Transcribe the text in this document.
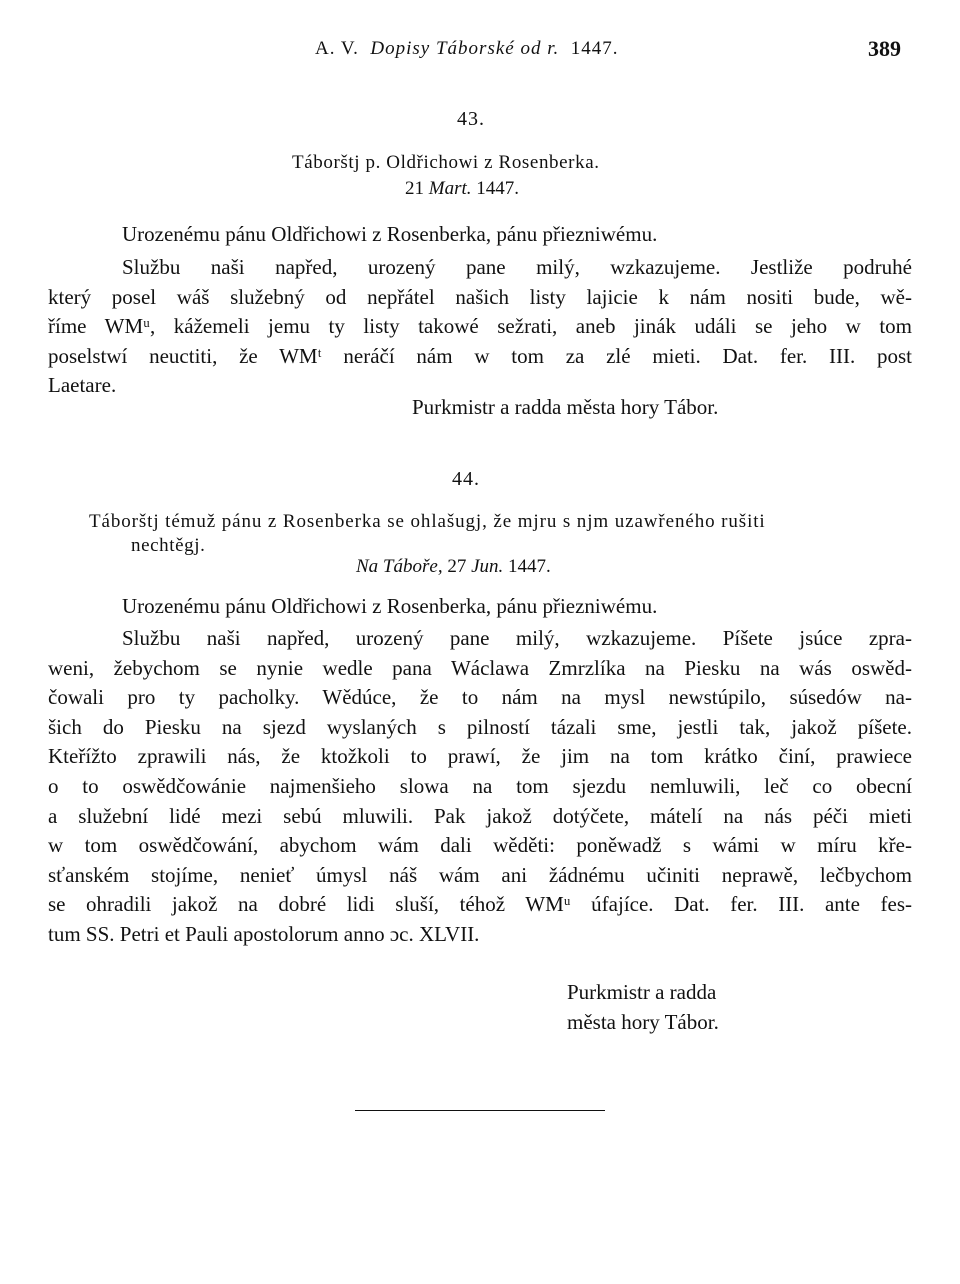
A. V. Dopisy Táborské od r. 1447.	389
43.
Táborštj p. Oldřichowi z Rosenberka.
21 Mart. 1447.
Urozenému pánu Oldřichowi z Rosenberka, pánu přiezniwému.
Službu naši napřed, urozený pane milý, wzkazujeme. Jestliže podruhé
který posel wáš služebný od nepřátel našich listy lajicie k nám nositi bude, wě-
říme WMᵘ, kážemeli jemu ty listy takowé sežrati, aneb jinák událi se jeho w tom
poselstwí neuctiti, že WMᵗ neráčí nám w tom za zlé mieti. Dat. fer. III. post
Laetare.
Purkmistr a radda města hory Tábor.
44.
Táborštj témuž pánu z Rosenberka se ohlašugj, že mjru s njm uzawřeného rušiti
nechtěgj.
Na Tábořе, 27 Jun. 1447.
Urozenému pánu Oldřichowi z Rosenberka, pánu přiezniwému.
Službu naši napřed, urozený pane milý, wzkazujeme. Píšete jsúce zpra-
weni, žebychom se nynie wedle pana Wáclawa Zmrzlíka na Piesku na wás oswěd-
čowali pro ty pacholky. Wědúce, že to nám na mysl newstúpilo, súsedów na-
šich do Piesku na sjezd wyslaných s pilností tázali sme, jestli tak, jakož píšete.
Kteřížto zprawili nás, že ktožkoli to prawí, že jim na tom krátko činí, prawiece
o to oswědčowánie najmenšieho slowa na tom sjezdu nemluwili, leč co obecní
a služební lidé mezi sebú mluwili. Pak jakož dotýčete, mátelí na nás péči mieti
w tom oswědčowání, abychom wám dali wěděti: poněwadž s wámi w míru křе-
sťanském stojíme, nenieť úmysl náš wám ani žádnému učiniti neprawě, lečbychom
se ohradili jakož na dobré lidi sluší, téhož WMᵘ úfajíce. Dat. fer. III. ante fes-
tum SS. Petri et Pauli apostolorum anno ɔc. XLVII.
Purkmistr a radda
města hory Tábor.
